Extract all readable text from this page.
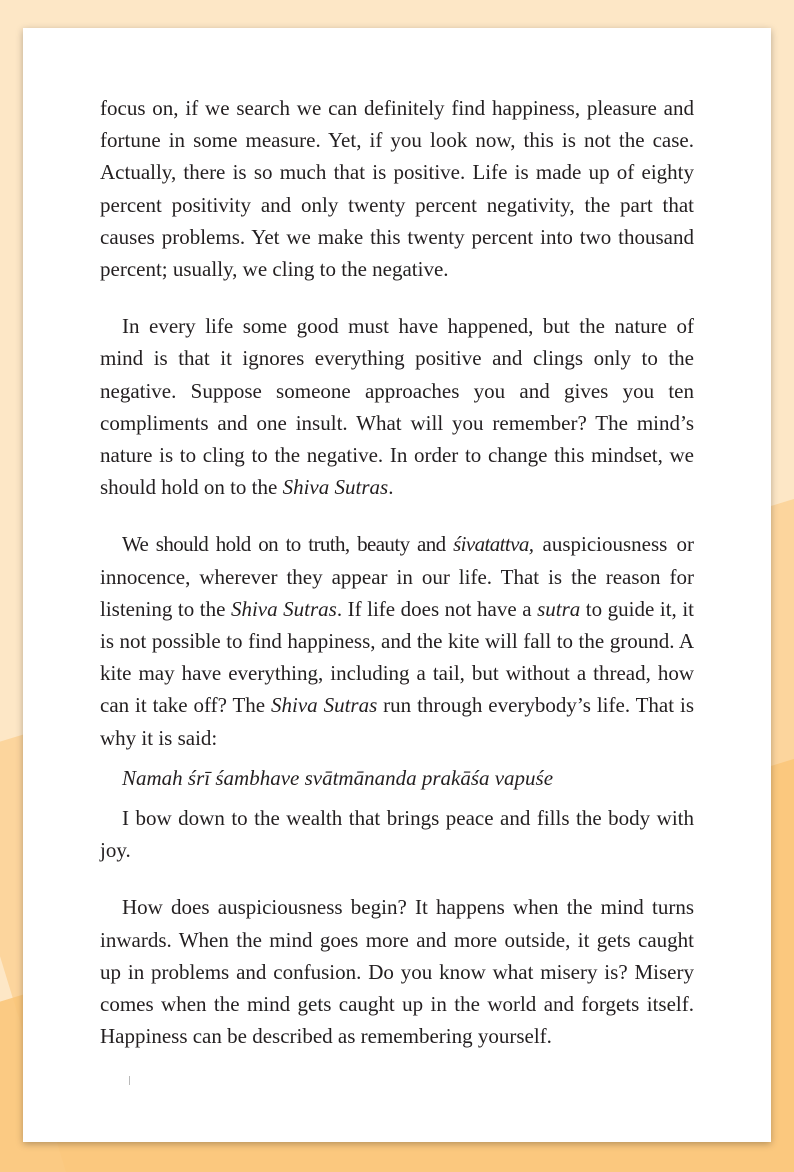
focus on, if we search we can definitely find happiness, pleasure and fortune in some measure. Yet, if you look now, this is not the case. Actually, there is so much that is positive. Life is made up of eighty percent positivity and only twenty percent negativity, the part that causes problems. Yet we make this twenty percent into two thousand percent; usually, we cling to the negative.

In every life some good must have happened, but the nature of mind is that it ignores everything positive and clings only to the negative. Suppose someone approaches you and gives you ten compliments and one insult. What will you remember? The mind’s nature is to cling to the negative. In order to change this mindset, we should hold on to the Shiva Sutras.

We should hold on to truth, beauty and śivatattva, auspiciousness or innocence, wherever they appear in our life. That is the reason for listening to the Shiva Sutras. If life does not have a sutra to guide it, it is not possible to find happiness, and the kite will fall to the ground. A kite may have everything, including a tail, but without a thread, how can it take off? The Shiva Sutras run through everybody’s life. That is why it is said:

Namah śrī śambhave svātmānanda prakāśa vapuśe

I bow down to the wealth that brings peace and fills the body with joy.

How does auspiciousness begin? It happens when the mind turns inwards. When the mind goes more and more outside, it gets caught up in problems and confusion. Do you know what misery is? Misery comes when the mind gets caught up in the world and forgets itself. Happiness can be described as remembering yourself.
